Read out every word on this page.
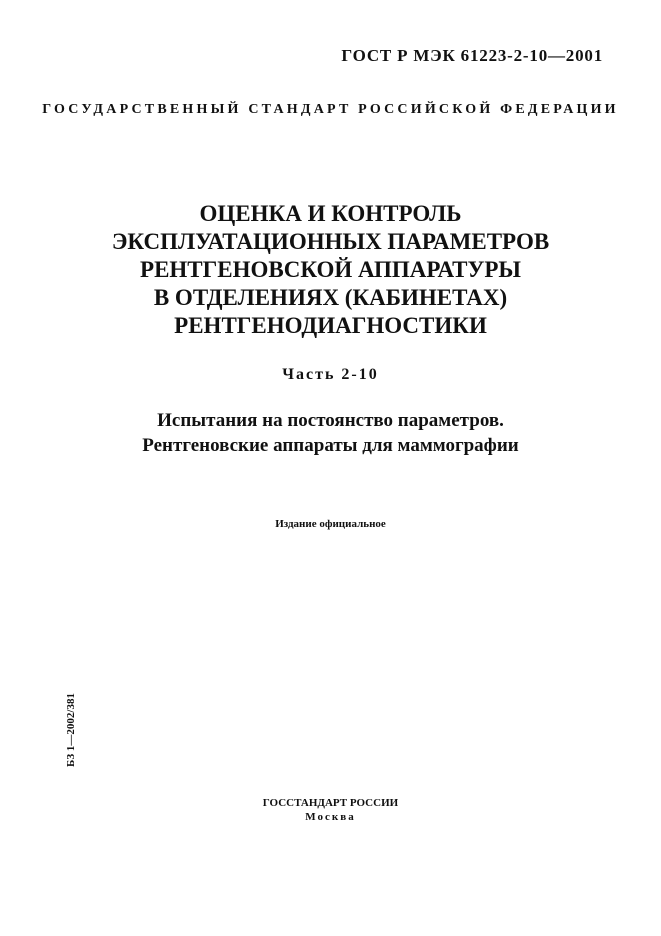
ГОСТ Р МЭК 61223-2-10—2001
ГОСУДАРСТВЕННЫЙ СТАНДАРТ РОССИЙСКОЙ ФЕДЕРАЦИИ
ОЦЕНКА И КОНТРОЛЬ
ЭКСПЛУАТАЦИОННЫХ ПАРАМЕТРОВ
РЕНТГЕНОВСКОЙ АППАРАТУРЫ
В ОТДЕЛЕНИЯХ (КАБИНЕТАХ)
РЕНТГЕНОДИАГНОСТИКИ
Часть 2-10
Испытания на постоянство параметров.
Рентгеновские аппараты для маммографии
Издание официальное
БЗ 1—2002/381
ГОССТАНДАРТ РОССИИ
Москва
